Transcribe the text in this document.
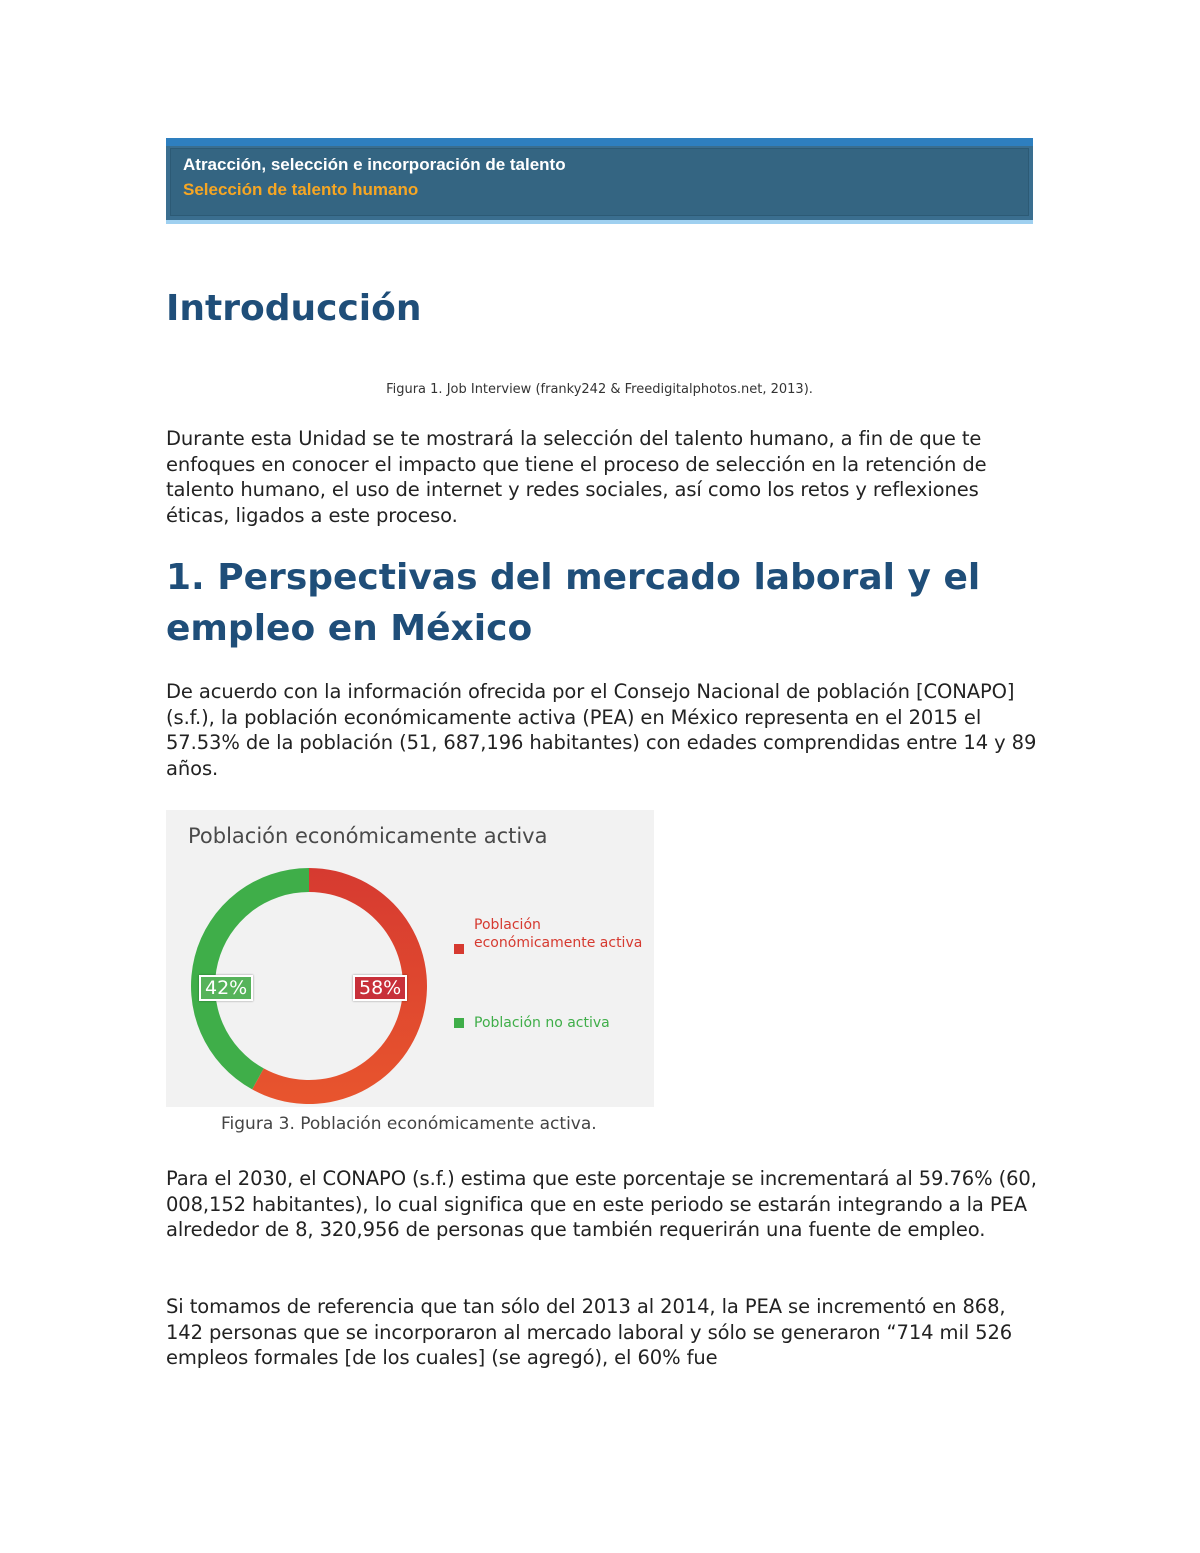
Atracción, selección e incorporación de talento
Selección de talento humano
Introducción
Figura 1. Job Interview (franky242 & Freedigitalphotos.net, 2013).
Durante esta Unidad se te mostrará la selección del talento humano, a fin de que te enfoques en conocer el impacto que tiene el proceso de selección en la retención de talento humano, el uso de internet y redes sociales, así como los retos y reflexiones éticas, ligados a este proceso.
1. Perspectivas del mercado laboral y el empleo en México
De acuerdo con la información ofrecida por el Consejo Nacional de población [CONAPO] (s.f.), la población económicamente activa (PEA) en México representa en el 2015 el 57.53% de la población (51, 687,196 habitantes) con edades comprendidas entre 14 y 89 años.
Población económicamente activa
42%	58%
Población económicamente activa
Población no activa
Figura 3. Población económicamente activa.
Para el 2030, el CONAPO (s.f.) estima que este porcentaje se incrementará al 59.76% (60, 008,152 habitantes), lo cual significa que en este periodo se estarán integrando a la PEA alrededor de 8, 320,956 de personas que también requerirán una fuente de empleo.
Si tomamos de referencia que tan sólo del 2013 al 2014, la PEA se incrementó en 868, 142 personas que se incorporaron al mercado laboral y sólo se generaron “714 mil 526 empleos formales [de los cuales] (se agregó), el 60% fue
